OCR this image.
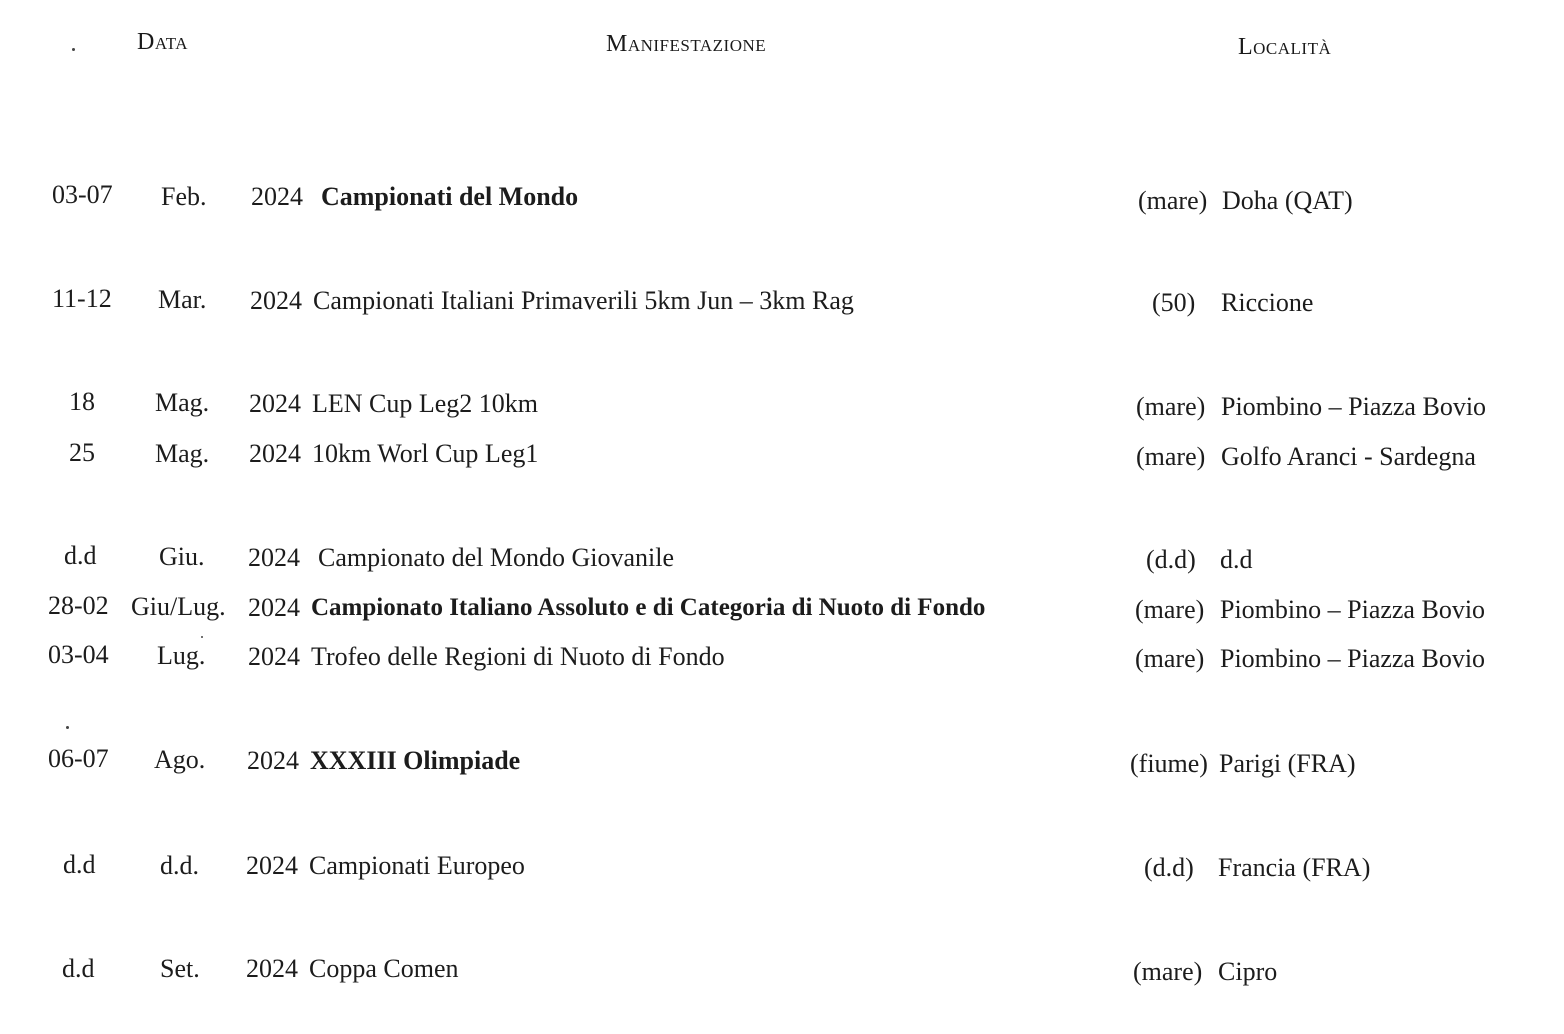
Data	Manifestazione	Località
03-07 Feb. 2024 Campionati del Mondo	(mare) Doha (QAT)
11-12 Mar. 2024 Campionati Italiani Primaverili 5km Jun – 3km Rag	(50) Riccione
18 Mag. 2024 LEN Cup Leg2 10km	(mare) Piombino – Piazza Bovio
25 Mag. 2024 10km Worl Cup Leg1	(mare) Golfo Aranci - Sardegna
d.d Giu. 2024 Campionato del Mondo Giovanile	(d.d) d.d
28-02 Giu/Lug. 2024 Campionato Italiano Assoluto e di Categoria di Nuoto di Fondo	(mare) Piombino – Piazza Bovio
03-04 Lug. 2024 Trofeo delle Regioni di Nuoto di Fondo	(mare) Piombino – Piazza Bovio
06-07 Ago. 2024 XXXIII Olimpiade	(fiume) Parigi (FRA)
d.d d.d. 2024 Campionati Europeo	(d.d) Francia (FRA)
d.d	Set. 2024 Coppa Comen	(mare) Cipro
